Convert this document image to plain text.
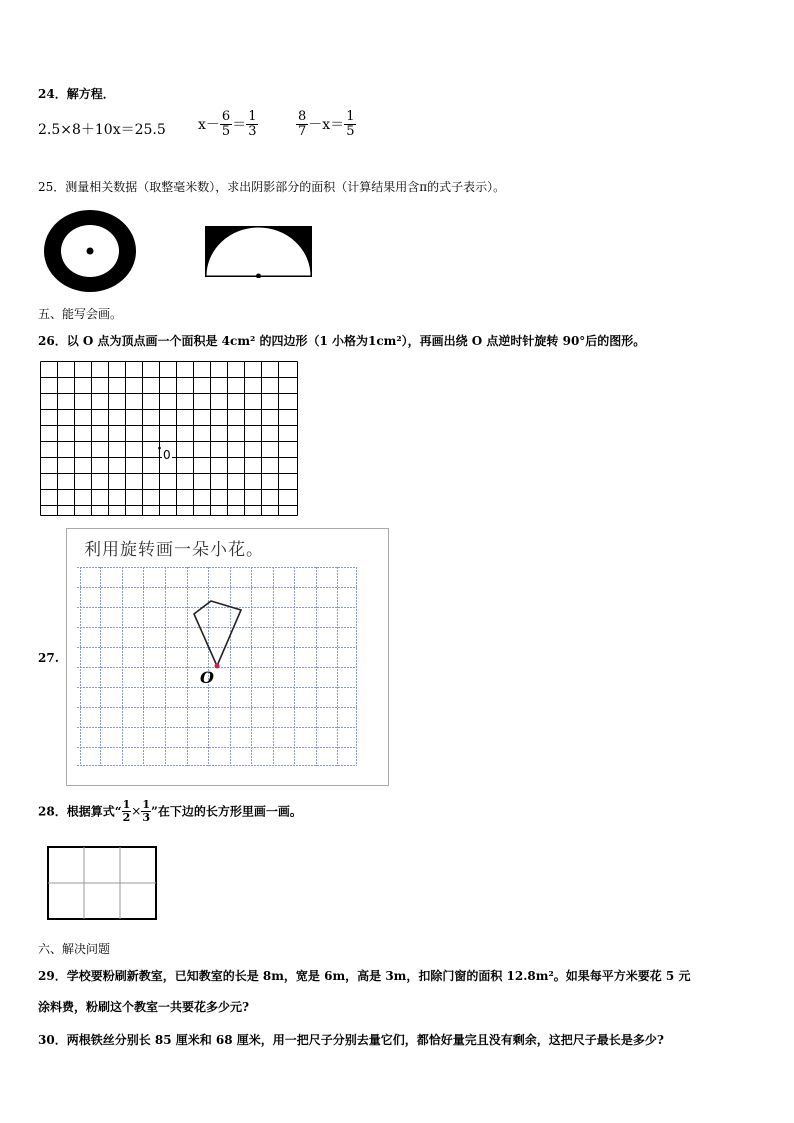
24．解方程．
2.5×8＋10x＝25.5 $x- \frac{6}{5} = \frac{1}{3}$	$\frac{8}{7} -x= \frac{1}{5}$
25．测量相关数据（取整毫米数），求出阴影部分的面积（计算结果用含π的式子表示）。
五、能写会画。
26．以 O 点为顶点画一个面积是 4cm² 的四边形（1 小格为1cm²），再画出绕 O 点逆时针旋转 90°后的图形。
0
27.
利用旋转画一朵小花。
O
28．根据算式“ $\frac{1}{2} \times \frac{1}{3}$ ”在下边的长方形里画一画。
六、解决问题
29．学校要粉刷新教室，已知教室的长是 8m，宽是 6m，高是 3m，扣除门窗的面积 12.8m²。如果每平方米要花 5 元
涂料费，粉刷这个教室一共要花多少元?
30．两根铁丝分别长 85 厘米和 68 厘米，用一把尺子分别去量它们，都恰好量完且没有剩余，这把尺子最长是多少?
